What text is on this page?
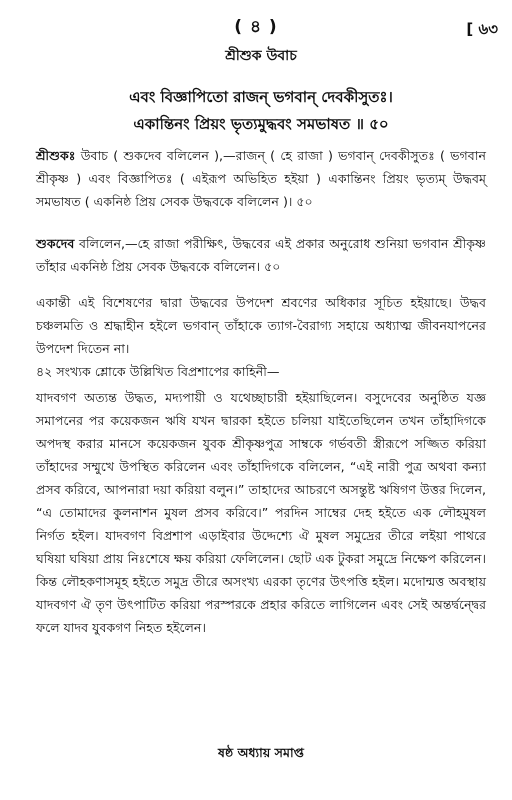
( ৪ )	[ ৬৩
শ্রীশুক উবাচ
এবং বিজ্ঞাপিতো রাজন্ ভগবান্ দেবকীসুতঃ।
একান্তিনং প্রিয়ং ভৃত্যমুদ্ধবং সমভাষত ॥ ৫০

শ্রীশুকঃ উবাচ ( শুকদেব বলিলেন ),—রাজন্ ( হে রাজা ) ভগবান্ দেবকীসুতঃ ( ভগবান শ্রীকৃষ্ণ ) এবং বিজ্ঞাপিতঃ ( এইরূপ অভিহিত হইয়া ) একান্তিনং প্রিয়ং ভৃত্যম্ উদ্ধবম্ সমভাষত ( একনিষ্ঠ প্রিয় সেবক উদ্ধবকে বলিলেন )। ৫০

শুকদেব বলিলেন,—হে রাজা পরীক্ষিৎ, উদ্ধবের এই প্রকার অনুরোধ শুনিয়া ভগবান শ্রীকৃষ্ণ তাঁহার একনিষ্ঠ প্রিয় সেবক উদ্ধবকে বলিলেন। ৫০

একান্তী এই বিশেষণের দ্বারা উদ্ধবের উপদেশ শ্রবণের অধিকার সূচিত হইয়াছে। উদ্ধব চঞ্চলমতি ও শ্রদ্ধাহীন হইলে ভগবান্ তাঁহাকে ত্যাগ-বৈরাগ্য সহায়ে অধ্যাত্ম জীবনযাপনের উপদেশ দিতেন না।

৪২ সংখ্যক শ্লোকে উল্লিখিত বিপ্রশাপের কাহিনী—

যাদবগণ অত্যন্ত উদ্ধত, মদ্যপায়ী ও যথেচ্ছাচারী হইয়াছিলেন। বসুদেবের অনুষ্ঠিত যজ্ঞ সমাপনের পর কয়েকজন ঋষি যখন দ্বারকা হইতে চলিয়া যাইতেছিলেন তখন তাঁহাদিগকে অপদস্থ করার মানসে কয়েকজন যুবক শ্রীকৃষ্ণপুত্র সাম্বকে গর্ভবতী স্ত্রীরূপে সজ্জিত করিয়া তাঁহাদের সম্মুখে উপস্থিত করিলেন এবং তাঁহাদিগকে বলিলেন, “এই নারী পুত্র অথবা কন্যা প্রসব করিবে, আপনারা দয়া করিয়া বলুন।” তাহাদের আচরণে অসন্তুষ্ট ঋষিগণ উত্তর দিলেন, “এ তোমাদের কুলনাশন মুষল প্রসব করিবে।” পরদিন সাম্বের দেহ হইতে এক লৌহমুষল নির্গত হইল। যাদবগণ বিপ্রশাপ এড়াইবার উদ্দেশ্যে ঐ মুষল সমুদ্রের তীরে লইয়া পাথরে ঘষিয়া ঘষিয়া প্রায় নিঃশেষে ক্ষয় করিয়া ফেলিলেন। ছোট এক টুকরা সমুদ্রে নিক্ষেপ করিলেন। কিন্ত লৌহকণাসমূহ হইতে সমুদ্র তীরে অসংখ্য এরকা তৃণের উৎপত্তি হইল। মদোন্মত্ত অবস্থায় যাদবগণ ঐ তৃণ উৎপাটিত করিয়া পরস্পরকে প্রহার করিতে লাগিলেন এবং সেই অন্তর্দ্বন্দ্বের ফলে যাদব যুবকগণ নিহত হইলেন।

ষষ্ঠ অধ্যায় সমাপ্ত
